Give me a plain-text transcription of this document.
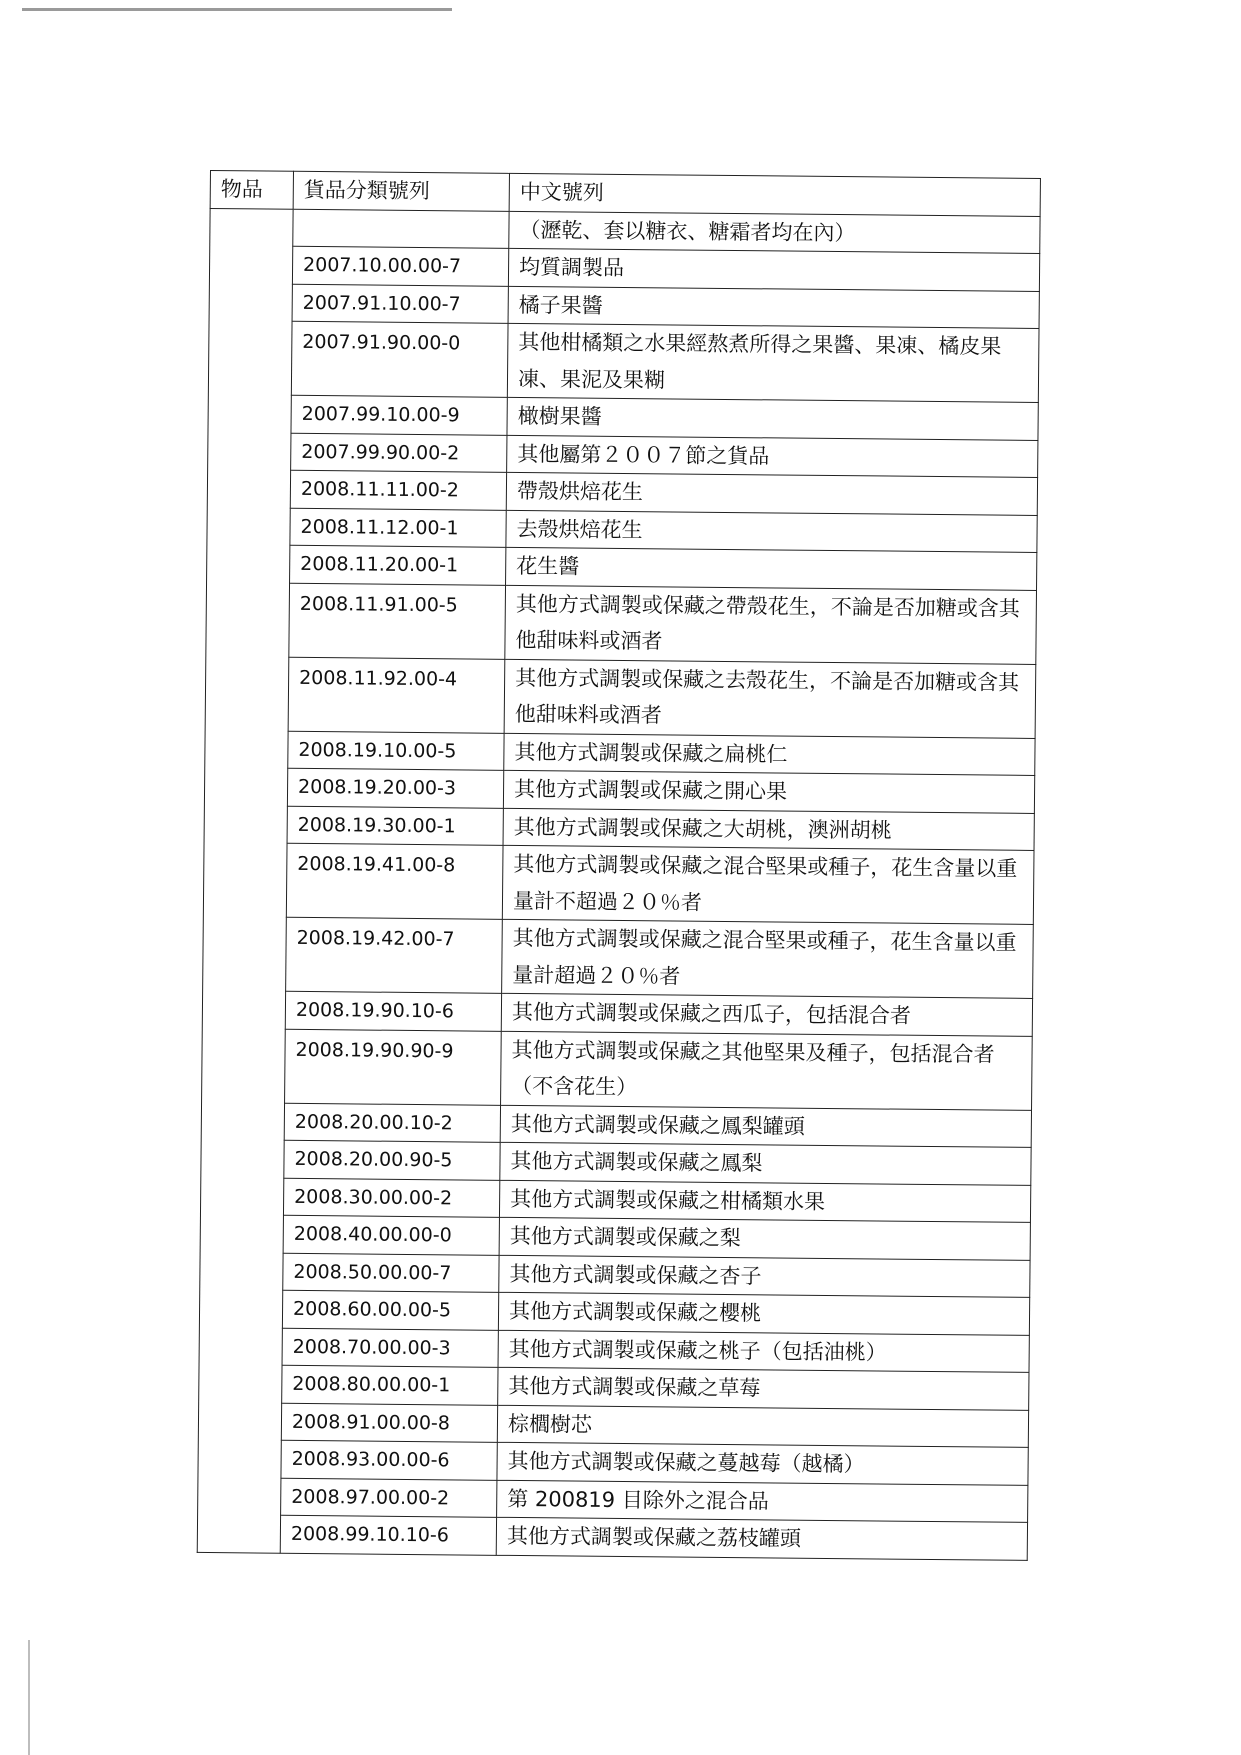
物品	貨品分類號列	中文號列
		（瀝乾、套以糖衣、糖霜者均在內）
	2007.10.00.00-7	均質調製品
	2007.91.10.00-7	橘子果醬
	2007.91.90.00-0	其他柑橘類之水果經熬煮所得之果醬、果凍、橘皮果凍、果泥及果糊
	2007.99.10.00-9	橄樹果醬
	2007.99.90.00-2	其他屬第２００７節之貨品
	2008.11.11.00-2	帶殼烘焙花生
	2008.11.12.00-1	去殼烘焙花生
	2008.11.20.00-1	花生醬
	2008.11.91.00-5	其他方式調製或保藏之帶殼花生，不論是否加糖或含其他甜味料或酒者
	2008.11.92.00-4	其他方式調製或保藏之去殼花生，不論是否加糖或含其他甜味料或酒者
	2008.19.10.00-5	其他方式調製或保藏之扁桃仁
	2008.19.20.00-3	其他方式調製或保藏之開心果
	2008.19.30.00-1	其他方式調製或保藏之大胡桃，澳洲胡桃
	2008.19.41.00-8	其他方式調製或保藏之混合堅果或種子，花生含量以重量計不超過２０％者
	2008.19.42.00-7	其他方式調製或保藏之混合堅果或種子，花生含量以重量計超過２０％者
	2008.19.90.10-6	其他方式調製或保藏之西瓜子，包括混合者
	2008.19.90.90-9	其他方式調製或保藏之其他堅果及種子，包括混合者（不含花生）
	2008.20.00.10-2	其他方式調製或保藏之鳳梨罐頭
	2008.20.00.90-5	其他方式調製或保藏之鳳梨
	2008.30.00.00-2	其他方式調製或保藏之柑橘類水果
	2008.40.00.00-0	其他方式調製或保藏之梨
	2008.50.00.00-7	其他方式調製或保藏之杏子
	2008.60.00.00-5	其他方式調製或保藏之櫻桃
	2008.70.00.00-3	其他方式調製或保藏之桃子（包括油桃）
	2008.80.00.00-1	其他方式調製或保藏之草莓
	2008.91.00.00-8	棕櫚樹芯
	2008.93.00.00-6	其他方式調製或保藏之蔓越莓（越橘）
	2008.97.00.00-2	第 200819 目除外之混合品
	2008.99.10.10-6	其他方式調製或保藏之荔枝罐頭
